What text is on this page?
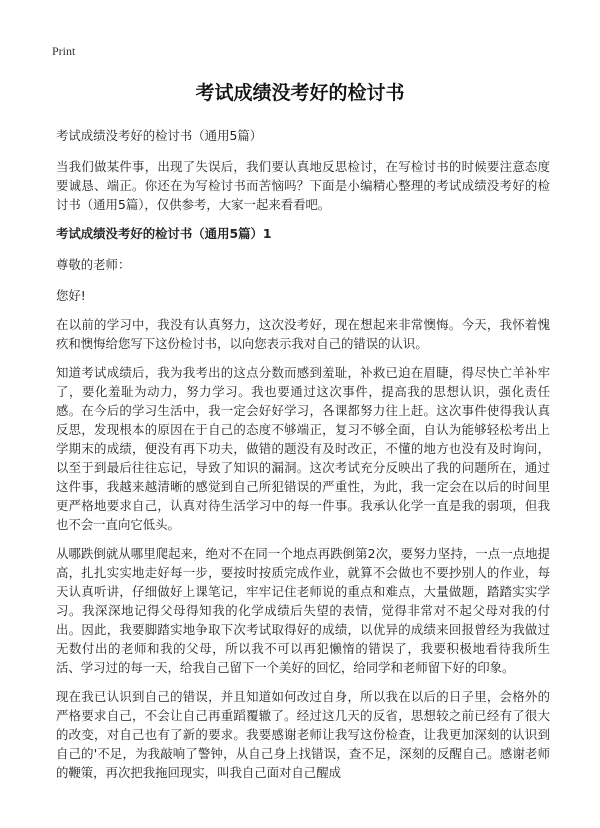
Print
考试成绩没考好的检讨书

考试成绩没考好的检讨书（通用5篇）

当我们做某件事，出现了失误后，我们要认真地反思检讨，在写检讨书的时候要注意态度要诚恳、端正。你还在为写检讨书而苦恼吗？下面是小编精心整理的考试成绩没考好的检讨书（通用5篇），仅供参考，大家一起来看看吧。

考试成绩没考好的检讨书（通用5篇）1

尊敬的老师：

您好!

在以前的学习中，我没有认真努力，这次没考好，现在想起来非常懊悔。今天，我怀着愧疚和懊悔给您写下这份检讨书，以向您表示我对自己的错误的认识。

知道考试成绩后，我为我考出的这点分数而感到羞耻，补救已迫在眉睫，得尽快亡羊补牢了，要化羞耻为动力，努力学习。我也要通过这次事件，提高我的思想认识，强化责任感。在今后的学习生活中，我一定会好好学习，各课都努力往上赶。这次事件使得我认真反思，发现根本的原因在于自己的态度不够端正，复习不够全面，自认为能够轻松考出上学期末的成绩，便没有再下功夫，做错的题没有及时改正，不懂的地方也没有及时询问，以至于到最后往往忘记，导致了知识的漏洞。这次考试充分反映出了我的问题所在，通过这件事，我越来越清晰的感觉到自己所犯错误的严重性，为此，我一定会在以后的时间里更严格地要求自己，认真对待生活学习中的每一件事。我承认化学一直是我的弱项，但我也不会一直向它低头。

从哪跌倒就从哪里爬起来，绝对不在同一个地点再跌倒第2次，要努力坚持，一点一点地提高，扎扎实实地走好每一步，要按时按质完成作业，就算不会做也不要抄别人的作业，每天认真听讲，仔细做好上课笔记，牢牢记住老师说的重点和难点，大量做题，踏踏实实学习。我深深地记得父母得知我的化学成绩后失望的表情，觉得非常对不起父母对我的付出。因此，我要脚踏实地争取下次考试取得好的成绩，以优异的成绩来回报曾经为我做过无数付出的老师和我的父母，所以我不可以再犯懒惰的错误了，我要积极地看待我所生活、学习过的每一天，给我自己留下一个美好的回忆，给同学和老师留下好的印象。

现在我已认识到自己的错误，并且知道如何改过自身，所以我在以后的日子里，会格外的严格要求自己，不会让自己再重蹈覆辙了。经过这几天的反省，思想较之前已经有了很大的改变，对自己也有了新的要求。我要感谢老师让我写这份检查，让我更加深刻的认识到自己的'不足，为我敲响了警钟，从自己身上找错误，查不足，深刻的反醒自己。感谢老师的鞭策，再次把我拖回现实，叫我自己面对自己醒成
